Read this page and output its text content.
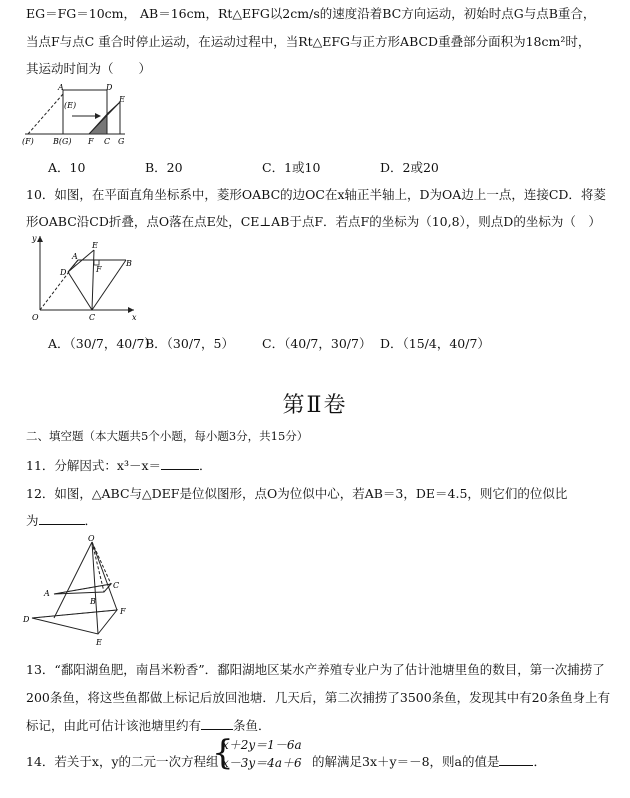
EG＝FG＝10cm， AB＝16cm，Rt△EFG以2cm/s的速度沿着BC方向运动，初始时点G与点B重合，
当点F与点C 重合时停止运动，在运动过程中，当Rt△EFG与正方形ABCD重叠部分面积为18cm²时，
其运动时间为（　　）
A	D
(E)
E
(F) B(G) F C G
A．10	B．20	C．1或10	D．2或20
10．如图，在平面直角坐标系中，菱形OABC的边OC在x轴正半轴上，D为OA边上一点，连接CD．将菱
形OABC沿CD折叠，点O落在点E处，CE⊥AB于点F．若点F的坐标为（10,8），则点D的坐标为（　）
y
E
A
D	F
B
O	C	x
A．（30/7，40/7）
B．（30/7，5） C．（40/7，30/7） D．（15/4，40/7）
第Ⅱ卷
二、填空题（本大题共5个小题，每小题3分，共15分）
11．分解因式：x³－x＝	．
12．如图，△ABC与△DEF是位似图形，点O为位似中心，若AB＝3，DE＝4.5，则它们的位似比
为	．
O
A
B
C
D
F
E
13．“鄱阳湖鱼肥，南昌米粉香”．鄱阳湖地区某水产养殖专业户为了估计池塘里鱼的数目，第一次捕捞了
200条鱼，将这些鱼都做上标记后放回池塘．几天后，第二次捕捞了3500条鱼，发现其中有20条鱼身上有
标记，由此可估计该池塘里约有	条鱼．
14．若关于x，y的二元一次方程组
{
x＋2y＝1－6a
x－3y＝4a＋6 的解满足3x＋y＝－8，则a的值是	．
